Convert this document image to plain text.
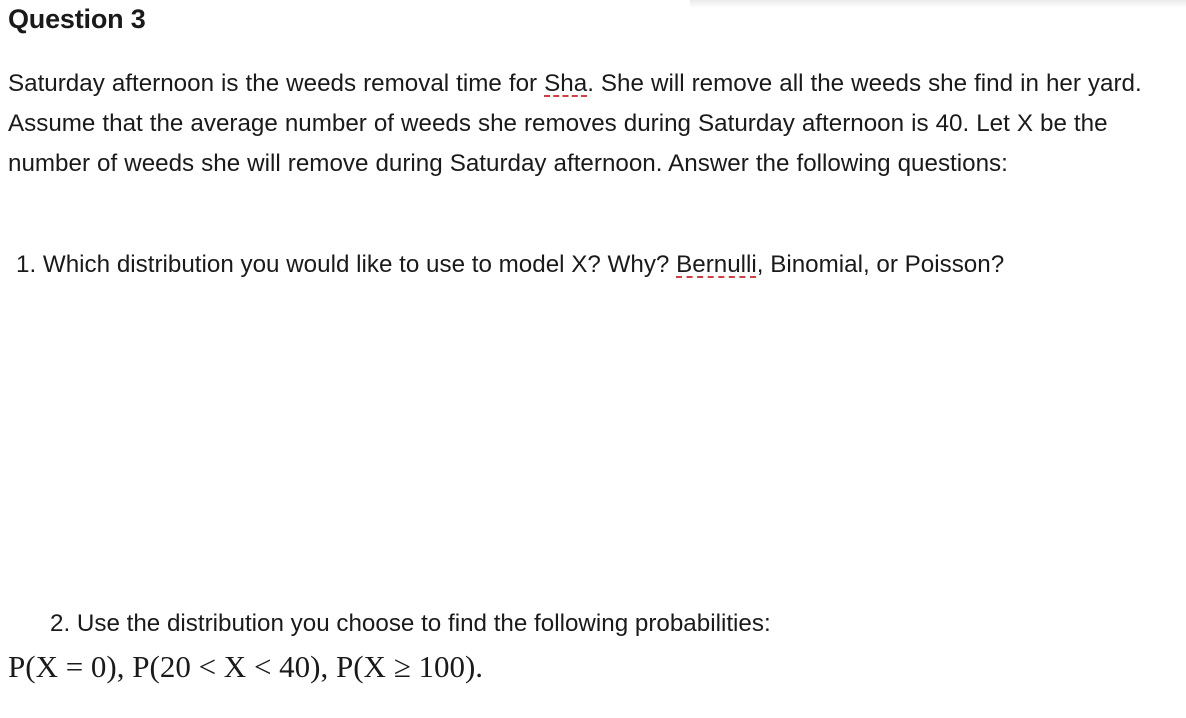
Question 3
Saturday afternoon is the weeds removal time for Sha. She will remove all the weeds she find in her yard. Assume that the average number of weeds she removes during Saturday afternoon is 40. Let X be the number of weeds she will remove during Saturday afternoon. Answer the following questions:
1. Which distribution you would like to use to model X? Why? Bernulli, Binomial, or Poisson?
2. Use the distribution you choose to find the following probabilities:
P(X = 0), P(20 < X < 40), P(X ≥ 100).
